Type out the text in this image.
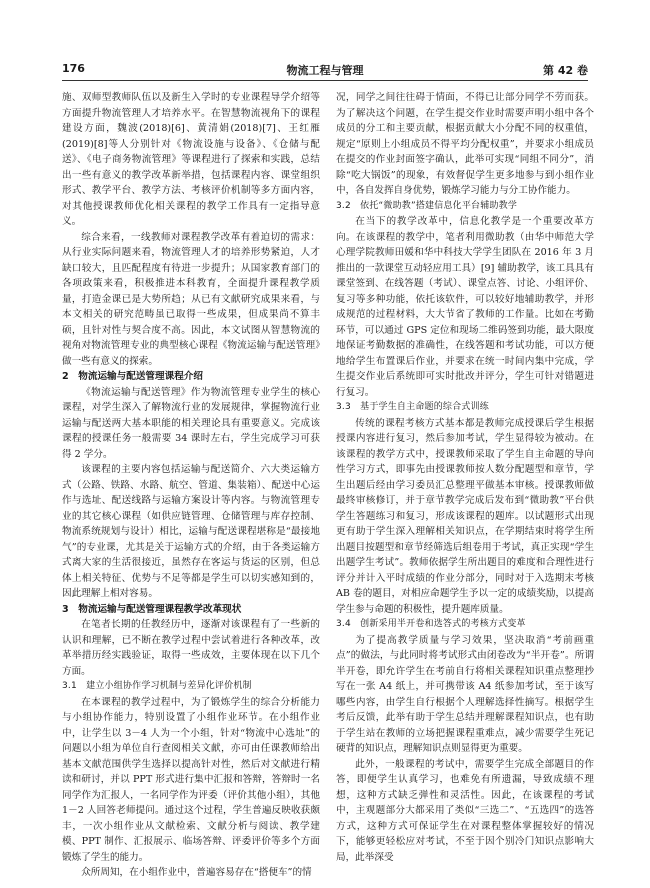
176	物流工程与管理	第 42 卷

施、双师型教师队伍以及新生入学时的专业课程导学介绍等方面提升物流管理人才培养水平。在智慧物流视角下的课程建设方面，魏波(2018)[6]、黄清娟(2018)[7]、王红雁(2019)[8]等人分别针对《物流设施与设备》、《仓储与配送》、《电子商务物流管理》等课程进行了探索和实践，总结出一些有意义的教学改革新举措，包括课程内容、课堂组织形式、教学平台、教学方法、考核评价机制等多方面内容，对其他授课教师优化相关课程的教学工作具有一定指导意义。

综合来看，一线教师对课程教学改革有着迫切的需求：从行业实际问题来看，物流管理人才的培养形势紧迫，人才缺口较大，且匹配程度有待进一步提升；从国家教育部门的各项政策来看，积极推进本科教育，全面提升课程教学质量，打造金课已是大势所趋；从已有文献研究成果来看，与本文相关的研究范畴虽已取得一些成果，但成果尚不算丰硕，且针对性与契合度不高。因此，本文试图从智慧物流的视角对物流管理专业的典型核心课程《物流运输与配送管理》做一些有意义的探索。

2　物流运输与配送管理课程介绍

《物流运输与配送管理》作为物流管理专业学生的核心课程，对学生深入了解物流行业的发展规律，掌握物流行业运输与配送两大基本职能的相关理论具有重要意义。完成该课程的授课任务一般需要 34 课时左右，学生完成学习可获得 2 学分。

该课程的主要内容包括运输与配送简介、六大类运输方式（公路、铁路、水路、航空、管道、集装箱）、配送中心运作与选址、配送线路与运输方案设计等内容。与物流管理专业的其它核心课程（如供应链管理、仓储管理与库存控制、物流系统规划与设计）相比，运输与配送课程堪称是“最接地气”的专业课，尤其是关于运输方式的介绍，由于各类运输方式离大家的生活很接近，虽然存在客运与货运的区别，但总体上相关特征、优势与不足等都是学生可以切实感知到的，因此理解上相对容易。

3　物流运输与配送管理课程教学改革现状

在笔者长期的任教经历中，逐渐对该课程有了一些新的认识和理解，已不断在教学过程中尝试着进行各种改革，改革举措历经实践验证，取得一些成效，主要体现在以下几个方面。

3.1　建立小组协作学习机制与差异化评价机制

在本课程的教学过程中，为了锻炼学生的综合分析能力与小组协作能力，特别设置了小组作业环节。在小组作业中，让学生以 3－4 人为一个小组，针对“物流中心选址”的问题以小组为单位自行查阅相关文献，亦可由任课教师给出基本文献范围供学生选择以提高针对性，然后对文献进行精读和研讨，并以 PPT 形式进行集中汇报和答辩，答辩时一名同学作为汇报人，一名同学作为评委（评价其他小组），其他 1－2 人回答老师提问。通过这个过程，学生普遍反映收获颇丰，一次小组作业从文献检索、文献分析与阅读、教学建模、PPT 制作、汇报展示、临场答辩、评委评价等多个方面锻炼了学生的能力。

众所周知，在小组作业中，普遍容易存在“搭便车”的情

况，同学之间往往碍于情面，不得已让部分同学不劳而获。为了解决这个问题，在学生提交作业时需要声明小组中各个成员的分工和主要贡献，根据贡献大小分配不同的权重值，规定“原则上小组成员不得平均分配权重”，并要求小组成员在提交的作业封面签字确认，此举可实现“同组不同分”，消除“吃大锅饭”的现象，有效督促学生更多地参与到小组作业中，各自发挥自身优势，锻炼学习能力与分工协作能力。

3.2　依托“微助教”搭建信息化平台辅助教学

在当下的教学改革中，信息化教学是一个重要改革方向。在该课程的教学中，笔者利用微助教（由华中师范大学心理学院教师田媛和华中科技大学学生团队在 2016 年 3 月推出的一款课堂互动轻应用工具）[9] 辅助教学，该工具具有课堂签到、在线答题（考试）、课堂点答、讨论、小组评价、复习等多种功能，依托该软件，可以较好地辅助教学，并形成规范的过程材料，大大节省了教师的工作量。比如在考勤环节，可以通过 GPS 定位和现场二维码签到功能，最大限度地保证考勤数据的准确性，在线答题和考试功能，可以方便地给学生布置课后作业，并要求在统一时间内集中完成，学生提交作业后系统即可实时批改并评分，学生可针对错题进行复习。

3.3　基于学生自主命题的综合式训练

传统的课程考核方式基本都是教师完成授课后学生根据授课内容进行复习，然后参加考试，学生显得较为被动。在该课程的教学方式中，授课教师采取了学生自主命题的导向性学习方式，即事先由授课教师按人数分配题型和章节，学生出题后经由学习委员汇总整理平做基本审核。授课教师做最终审核修订，并于章节教学完成后发布到“微助教”平台供学生答题练习和复习，形成该课程的题库。以试题形式出现更有助于学生深入理解相关知识点，在学期结束时将学生所出题目按题型和章节经筛选后组卷用于考试，真正实现“学生出题学生考试”。教师依据学生所出题目的难度和合理性进行评分并计入平时成绩的作业分部分，同时对于入选期末考核 AB 卷的题目，对相应命题学生予以一定的成绩奖励，以提高学生参与命题的积极性，提升题库质量。

3.4　创新采用半开卷和选答式的考核方式变革

为了提高教学质量与学习效果，坚决取消“考前画重点”的做法，与此同时将考试形式由闭卷改为“半开卷”。所谓半开卷，即允许学生在考前自行将相关课程知识重点整理抄写在一张 A4 纸上，并可携带该 A4 纸参加考试，至于该写哪些内容，由学生自行根据个人理解选择性摘写。根据学生考后反馈，此举有助于学生总结并理解课程知识点，也有助于学生站在教师的立场把握课程重难点，减少需要学生死记硬背的知识点，理解知识点则显得更为重要。

此外，一般课程的考试中，需要学生完成全部题目的作答，即便学生认真学习，也难免有所遗漏，导致成绩不理想，这种方式缺乏弹性和灵活性。因此，在该课程的考试中，主观题部分大都采用了类似“三选二”、“五选四”的选答方式，这种方式可保证学生在对课程整体掌握较好的情况下，能够更轻松应对考试，不至于因个别冷门知识点影响大局，此举深受
